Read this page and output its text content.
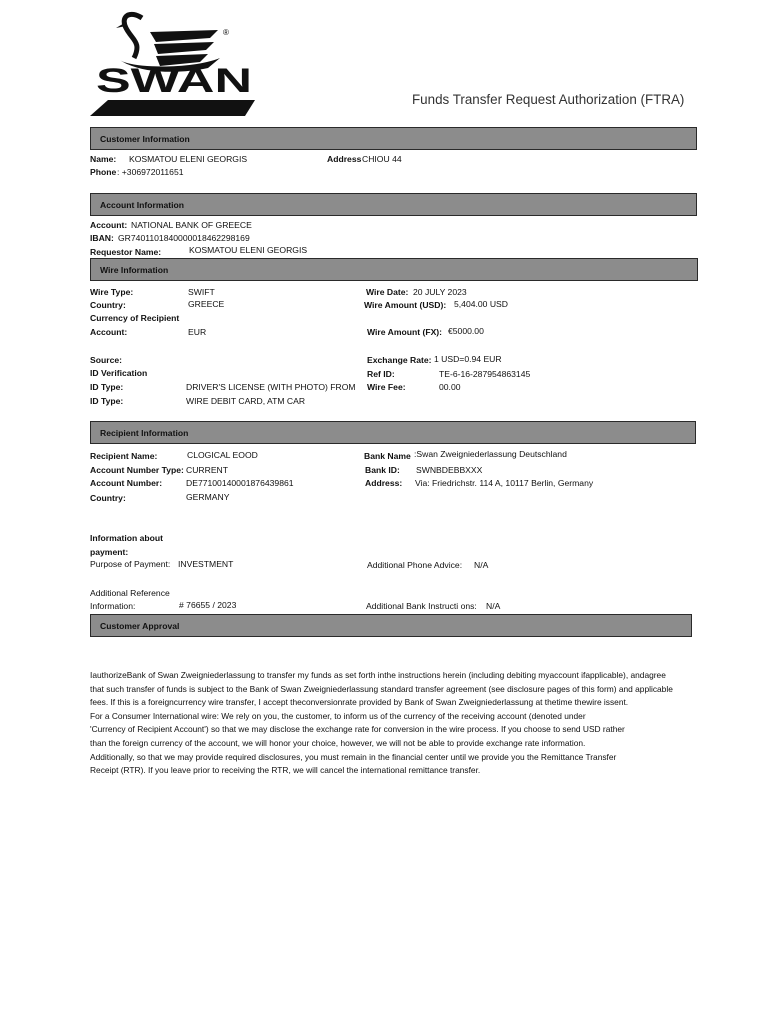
®
SWAN	Funds Transfer Request Authorization (FTRA)
Customer Information
Name: KOSMATOU ELENI GEORGIS	Address CHIOU 44
Phone : +306972011651
Account Information
Account: NATIONAL BANK OF GREECE
IBAN: GR7401101840000018462298169
Requestor Name:	KOSMATOU ELENI GEORGIS
Wire Information
Wire Type:	SWIFT
Country:	GREECE
Currency of Recipient
Account:	EUR
Source:
ID Verification
ID Type:	DRIVER'S LICENSE (WITH PHOTO) FROM
ID Type:	WIRE DEBIT CARD, ATM CAR
Wire Date: 20 JULY 2023
Wire Amount (USD): 5,404.00 USD
Wire Amount (FX): €5000.00
Exchange Rate: 1 USD=0.94 EUR
Ref ID:	TE-6-16-287954863145
Wire Fee:	00.00
Recipient Information
Recipient Name:	CLOGICAL EOOD
Account Number Type: CURRENT
Account Number:	DE77100140001876439861
Country:	GERMANY
Bank Name :Swan Zweigniederlassung Deutschland
Bank ID: SWNBDEBBXXX
Address: Via: Friedrichstr. 114 A, 10117 Berlin, Germany
Information about
payment:
Purpose of Payment: INVESTMENT	Additional Phone Advice: N/A
Additional Reference
Information:	# 76655 / 2023	Additional Bank Instructi ons: N/A
Customer Approval
IauthorizeBank of Swan Zweigniederlassung to transfer my funds as set forth inthe instructions herein (including debiting myaccount ifapplicable), andagree
that such transfer of funds is subject to the Bank of Swan Zweigniederlassung standard transfer agreement (see disclosure pages of this form) and applicable
fees. If this is a foreigncurrency wire transfer, I accept theconversionrate provided by Bank of Swan Zweigniederlassung at thetime thewire issent.
For a Consumer International wire: We rely on you, the customer, to inform us of the currency of the receiving account (denoted under
'Currency of Recipient Account') so that we may disclose the exchange rate for conversion in the wire process. If you choose to send USD rather
than the foreign currency of the account, we will honor your choice, however, we will not be able to provide exchange rate information.
Additionally, so that we may provide required disclosures, you must remain in the financial center until we provide you the Remittance Transfer
Receipt (RTR). If you leave prior to receiving the RTR, we will cancel the international remittance transfer.
